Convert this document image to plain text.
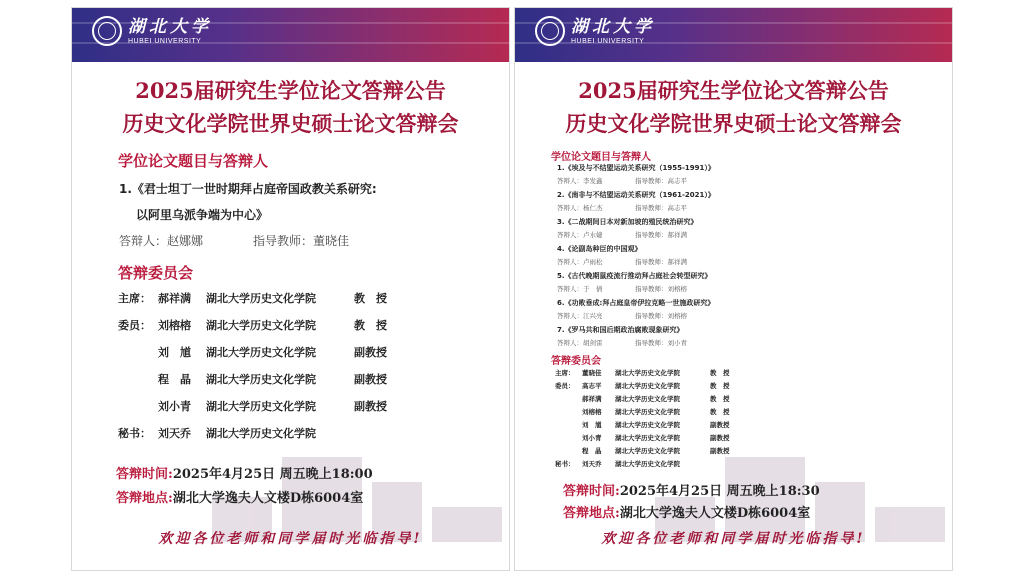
湖北大学
HUBEI UNIVERSITY
2025届研究生学位论文答辩公告
历史文化学院世界史硕士论文答辩会
学位论文题目与答辩人
1.《君士坦丁一世时期拜占庭帝国政教关系研究:
以阿里乌派争端为中心》
答辩人：赵娜娜	指导教师：董晓佳
答辩委员会
主席： 郝祥满 湖北大学历史文化学院	教　授
委员： 刘榕榕 湖北大学历史文化学院	教　授
刘　馗 湖北大学历史文化学院	副教授
程　晶 湖北大学历史文化学院	副教授
刘小青 湖北大学历史文化学院	副教授
秘书： 刘天乔 湖北大学历史文化学院
答辩时间:2025年4月25日 周五晚上18:00
答辩地点:湖北大学逸夫人文楼D栋6004室
欢迎各位老师和同学届时光临指导!
湖北大学
HUBEI UNIVERSITY
2025届研究生学位论文答辩公告
历史文化学院世界史硕士论文答辩会
学位论文题目与答辩人
1.《埃及与不结盟运动关系研究（1955-1991）》
答辩人：李发鑫	指导教师：高志平
2.《南非与不结盟运动关系研究（1961-2021）》
答辩人：杨仁杰	指导教师：高志平
3.《二战期间日本对新加坡的殖民统治研究》
答辩人：卢水婕	指导教师：郝祥满
4.《论副岛种臣的中国观》
答辩人：卢雨松	指导教师：郝祥满
5.《古代晚期鼠疫流行推动拜占庭社会转型研究》
答辩人：于　倩	指导教师：刘榕榕
6.《功败垂成:拜占庭皇帝伊拉克略一世施政研究》
答辩人：江兴亮	指导教师：刘榕榕
7.《罗马共和国后期政治腐败现象研究》
答辩人：胡剑雷	指导教师：刘小青
答辩委员会
主席： 董晓佳 湖北大学历史文化学院	教　授
委员： 高志平 湖北大学历史文化学院	教　授
郝祥满 湖北大学历史文化学院	教　授
刘榕榕 湖北大学历史文化学院	教　授
刘　馗 湖北大学历史文化学院	副教授
刘小青 湖北大学历史文化学院	副教授
程　晶 湖北大学历史文化学院	副教授
秘书： 刘天乔 湖北大学历史文化学院
答辩时间:2025年4月25日 周五晚上18:30
答辩地点:湖北大学逸夫人文楼D栋6004室
欢迎各位老师和同学届时光临指导!
